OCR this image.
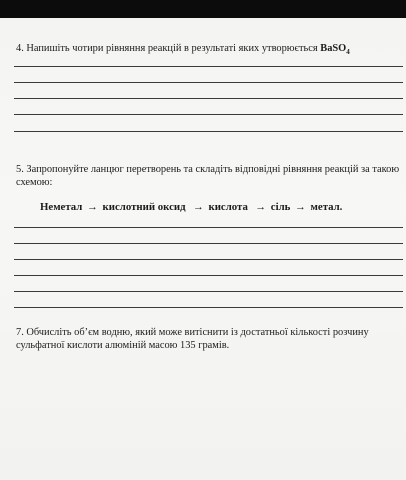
4. Напишіть чотири рівняння реакцій в результаті яких утворюється BaSO$_4$
5. Запропонуйте ланцюг перетворень та складіть відповідні рівняння реакцій за такою схемою:
Неметал → кислотний оксид → кислота → сіль → метал.
7. Обчисліть об’єм водню, який може витіснити із достатньої кількості розчину сульфатної кислоти алюміній масою 135 грамів.
